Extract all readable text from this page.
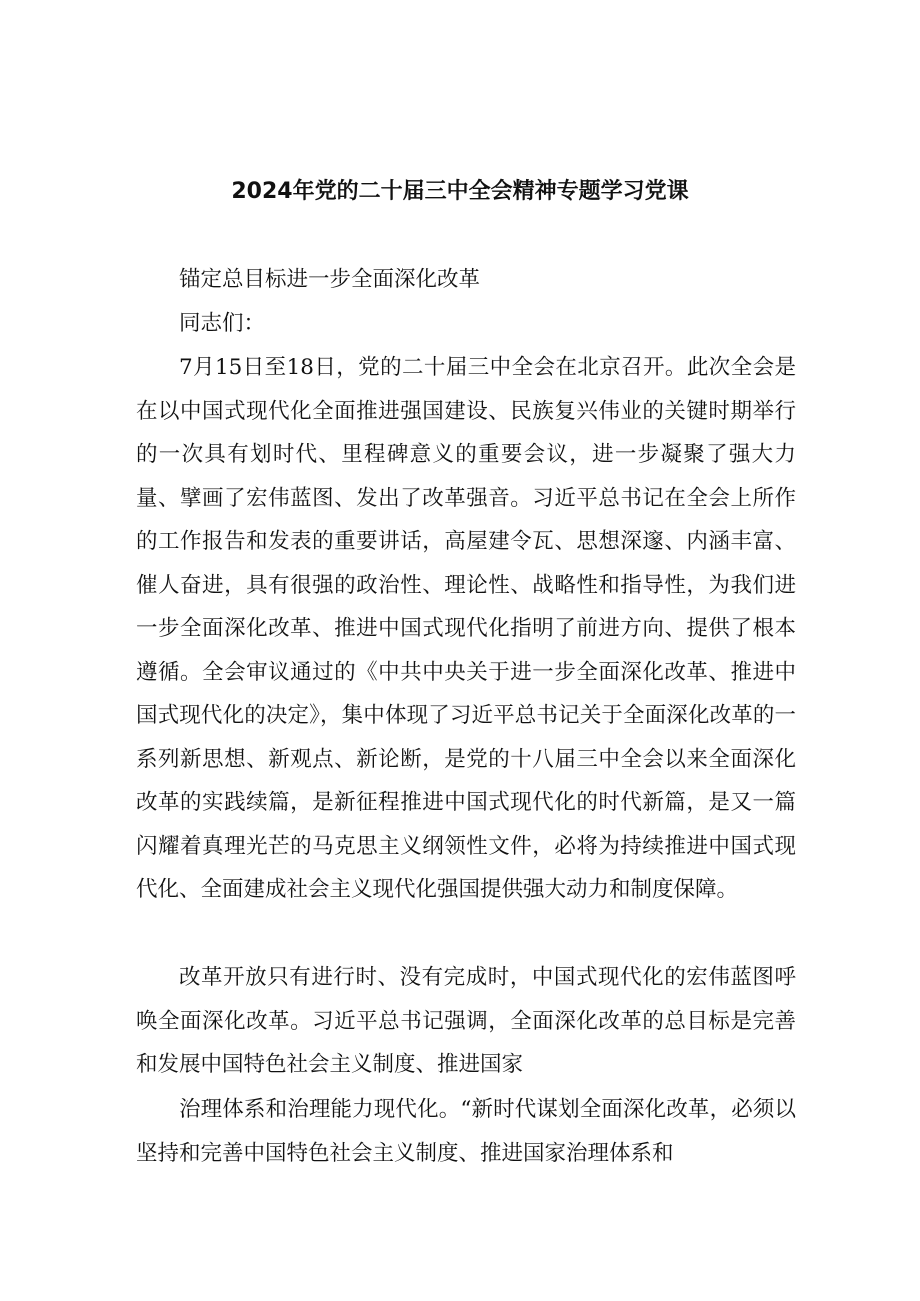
2024年党的二十届三中全会精神专题学习党课

锚定总目标进一步全面深化改革

同志们：

7月15日至18日，党的二十届三中全会在北京召开。此次全会是在以中国式现代化全面推进强国建设、民族复兴伟业的关键时期举行的一次具有划时代、里程碑意义的重要会议，进一步凝聚了强大力量、擘画了宏伟蓝图、发出了改革强音。习近平总书记在全会上所作的工作报告和发表的重要讲话，高屋建令瓦、思想深邃、内涵丰富、催人奋进，具有很强的政治性、理论性、战略性和指导性，为我们进一步全面深化改革、推进中国式现代化指明了前进方向、提供了根本遵循。全会审议通过的《中共中央关于进一步全面深化改革、推进中国式现代化的决定》，集中体现了习近平总书记关于全面深化改革的一系列新思想、新观点、新论断，是党的十八届三中全会以来全面深化改革的实践续篇，是新征程推进中国式现代化的时代新篇，是又一篇闪耀着真理光芒的马克思主义纲领性文件，必将为持续推进中国式现代化、全面建成社会主义现代化强国提供强大动力和制度保障。

改革开放只有进行时、没有完成时，中国式现代化的宏伟蓝图呼唤全面深化改革。习近平总书记强调，全面深化改革的总目标是完善和发展中国特色社会主义制度、推进国家

治理体系和治理能力现代化。“新时代谋划全面深化改革，必须以坚持和完善中国特色社会主义制度、推进国家治理体系和
